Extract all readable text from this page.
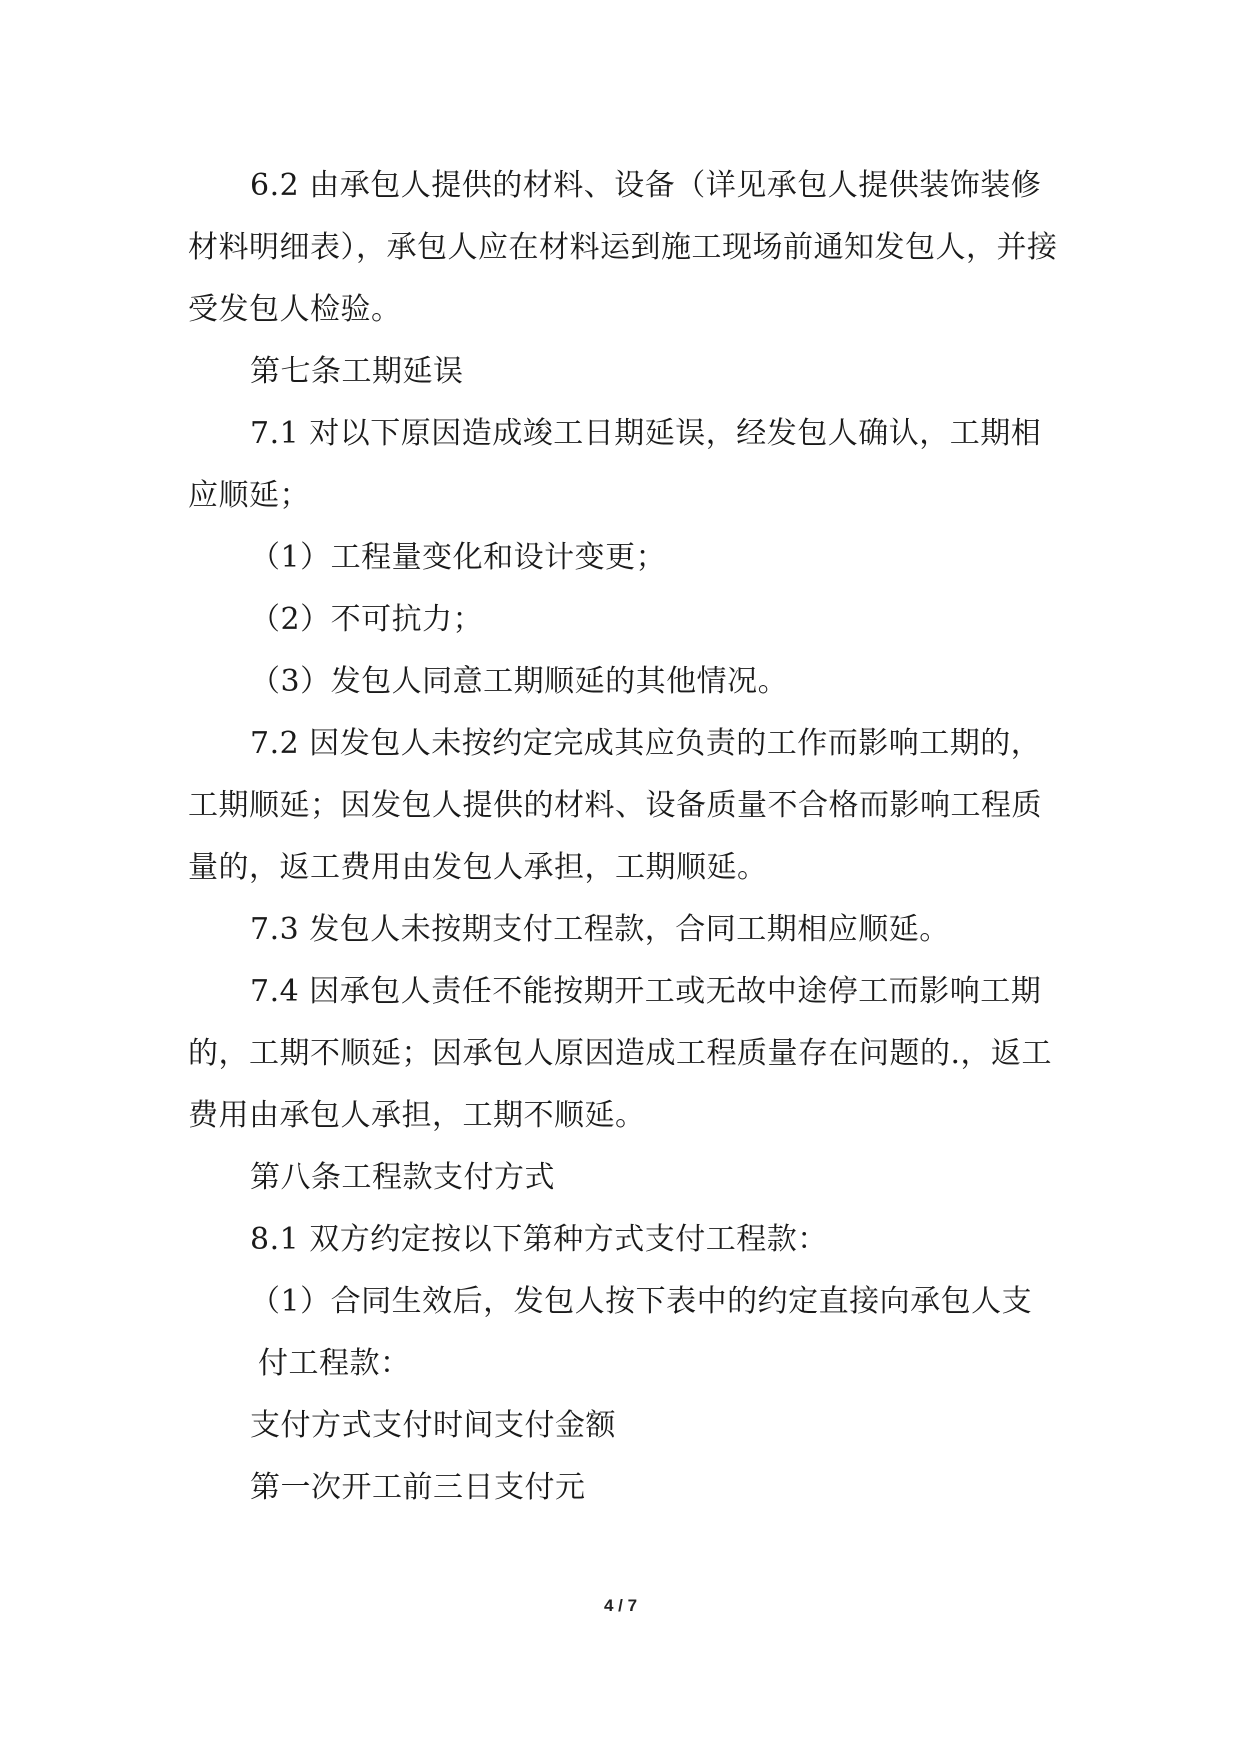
6.2 由承包人提供的材料、设备（详见承包人提供装饰装修材料明细表），承包人应在材料运到施工现场前通知发包人，并接受发包人检验。

第七条工期延误

7.1 对以下原因造成竣工日期延误，经发包人确认，工期相应顺延；

（1）工程量变化和设计变更；

（2）不可抗力；

（3）发包人同意工期顺延的其他情况。

7.2 因发包人未按约定完成其应负责的工作而影响工期的，工期顺延；因发包人提供的材料、设备质量不合格而影响工程质量的，返工费用由发包人承担，工期顺延。

7.3 发包人未按期支付工程款，合同工期相应顺延。

7.4 因承包人责任不能按期开工或无故中途停工而影响工期的，工期不顺延；因承包人原因造成工程质量存在问题的.，返工费用由承包人承担，工期不顺延。

第八条工程款支付方式

8.1 双方约定按以下第种方式支付工程款：

（1）合同生效后，发包人按下表中的约定直接向承包人支付工程款：

支付方式支付时间支付金额

第一次开工前三日支付元

4 / 7
